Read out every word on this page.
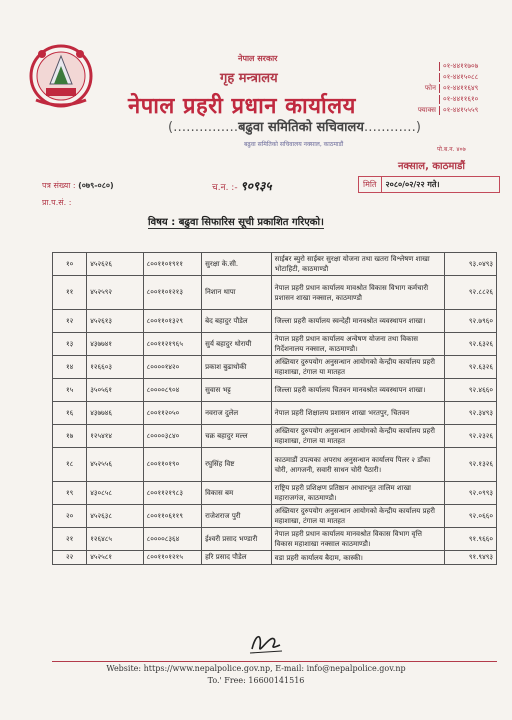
नेपाल सरकार
गृह मन्त्रालय
नेपाल प्रहरी प्रधान कार्यालय
(……………बढुवा समितिको सचिवालय…………)
बढुवा समितिको सचिवालय नक्साल, काठमाडौं
०१-४४११७०७
०१-४४१५०८८
फोन	०१-४४११६४९
०१-४४११६१०
फ्याक्स	०१-४४१५५५९
पो.ब.न. ४०७
नक्साल, काठमाडौं
पत्र संख्या : (०७९-०८०)	च.न. :- ९०९३५	मिति २०८०/०२/२२ गते।
प्रा.प.सं. :
विषय : बढुवा सिफारिस सूची प्रकाशित गरिएको।
१०	४५२६२६	८००११०१९११	सुरक्षा के.सी.	साईबर ब्युरो साईबर सुरक्षा योजना तथा खतरा विश्लेषण शाखा भोटाहिटी, काठमाण्डौ	९३.०४९३
११	४५२५९२	८००११०१२१३	निशान थापा	नेपाल प्रहरी प्रधान कार्यालय मावश्रोत विकास विभाग कर्मचारी प्रशासन शाखा नक्साल, काठमाण्डौ	९२.८८२६
१२	४५२६१३	८००११०१३२९	बेद बहादुर पौडेल	जिल्ला प्रहरी कार्यालय स्वन्देही मानवश्रोत व्यवस्थापन शाखा।	९२.७९६०
१३	४३७७४१	८००११२१९६५	सुर्य बहादुर थोरायी	नेपाल प्रहरी प्रधान कार्यालय अन्वेषण योजना तथा विकास निर्देशनालय नक्साल, काठमाण्डौ।	९२.६३२६
१४	१२६६०३	८००००१४२०	प्रकाश बुढाथोकी	अख्तियार दुरुपयोग अनुसन्धान आयोगको केन्द्रीय कार्यालय प्रहरी महाशाखा, टंगाल या मातहत	९२.६३२६
१५	३५०५६१	८००००८९०४	सुवास भट्ट	जिल्ला प्रहरी कार्यालय चितवन मानवश्रोत व्यवस्थापन शाखा।	९२.४६६०
१६	४३७७४६	८००११२०५०	नवराज दुलेल	नेपाल प्रहरी शिक्षालय प्रशासन शाखा भरतपुर, चितवन	९२.३४९३
१७	१२५४१४	८००००३८४०	चक्र बहादुर मल्ल	अख्तियार दुरुपयोग अनुसन्धान आयोगको केन्द्रीय कार्यालय प्रहरी महाशाखा, टंगाल या मातहत	९२.२३२६
१८	४५२५५६	८००११०१९०	रघुसिंह विष्ट	काठमाडौं उपत्यका अपराध अनुसन्धान कार्यालय पिलर २ डाँका चोरी, आगजनी, सवारी साधन चोरी पैठारी।	९२.१३२६
१९	४३०८५८	८००११२१९८३	विकास बम	राष्ट्रिय प्रहरी प्रशिक्षण प्रतिष्ठान आधारभूत तालिम शाखा महाराजगंज, काठमाण्डौ।	९२.०९९३
२०	४५२६३८	८००११०६११९	राजेशराज पुरी	अख्तियार दुरुपयोग अनुसन्धान आयोगको केन्द्रीय कार्यालय प्रहरी महाशाखा, टंगाल या मातहत	९२.०६६०
२१	१२६४८५	८००००८३६४	ईश्वरी प्रसाद भण्डारी	नेपाल प्रहरी प्रधान कार्यालय मानवश्रोत विकास विभाग वृत्ति विकास महाशाखा नक्साल काठमाण्डौ।	९१.९६६०
२२	४५२५८१	८००११०१२१५	हरि प्रसाद पौडेल	वडा प्रहरी कार्यालय बैदाम, कास्की।	९१.९४९३
Website: https://www.nepalpolice.gov.np, E-mail: info@nepalpolice.gov.np
To.' Free: 16600141516
